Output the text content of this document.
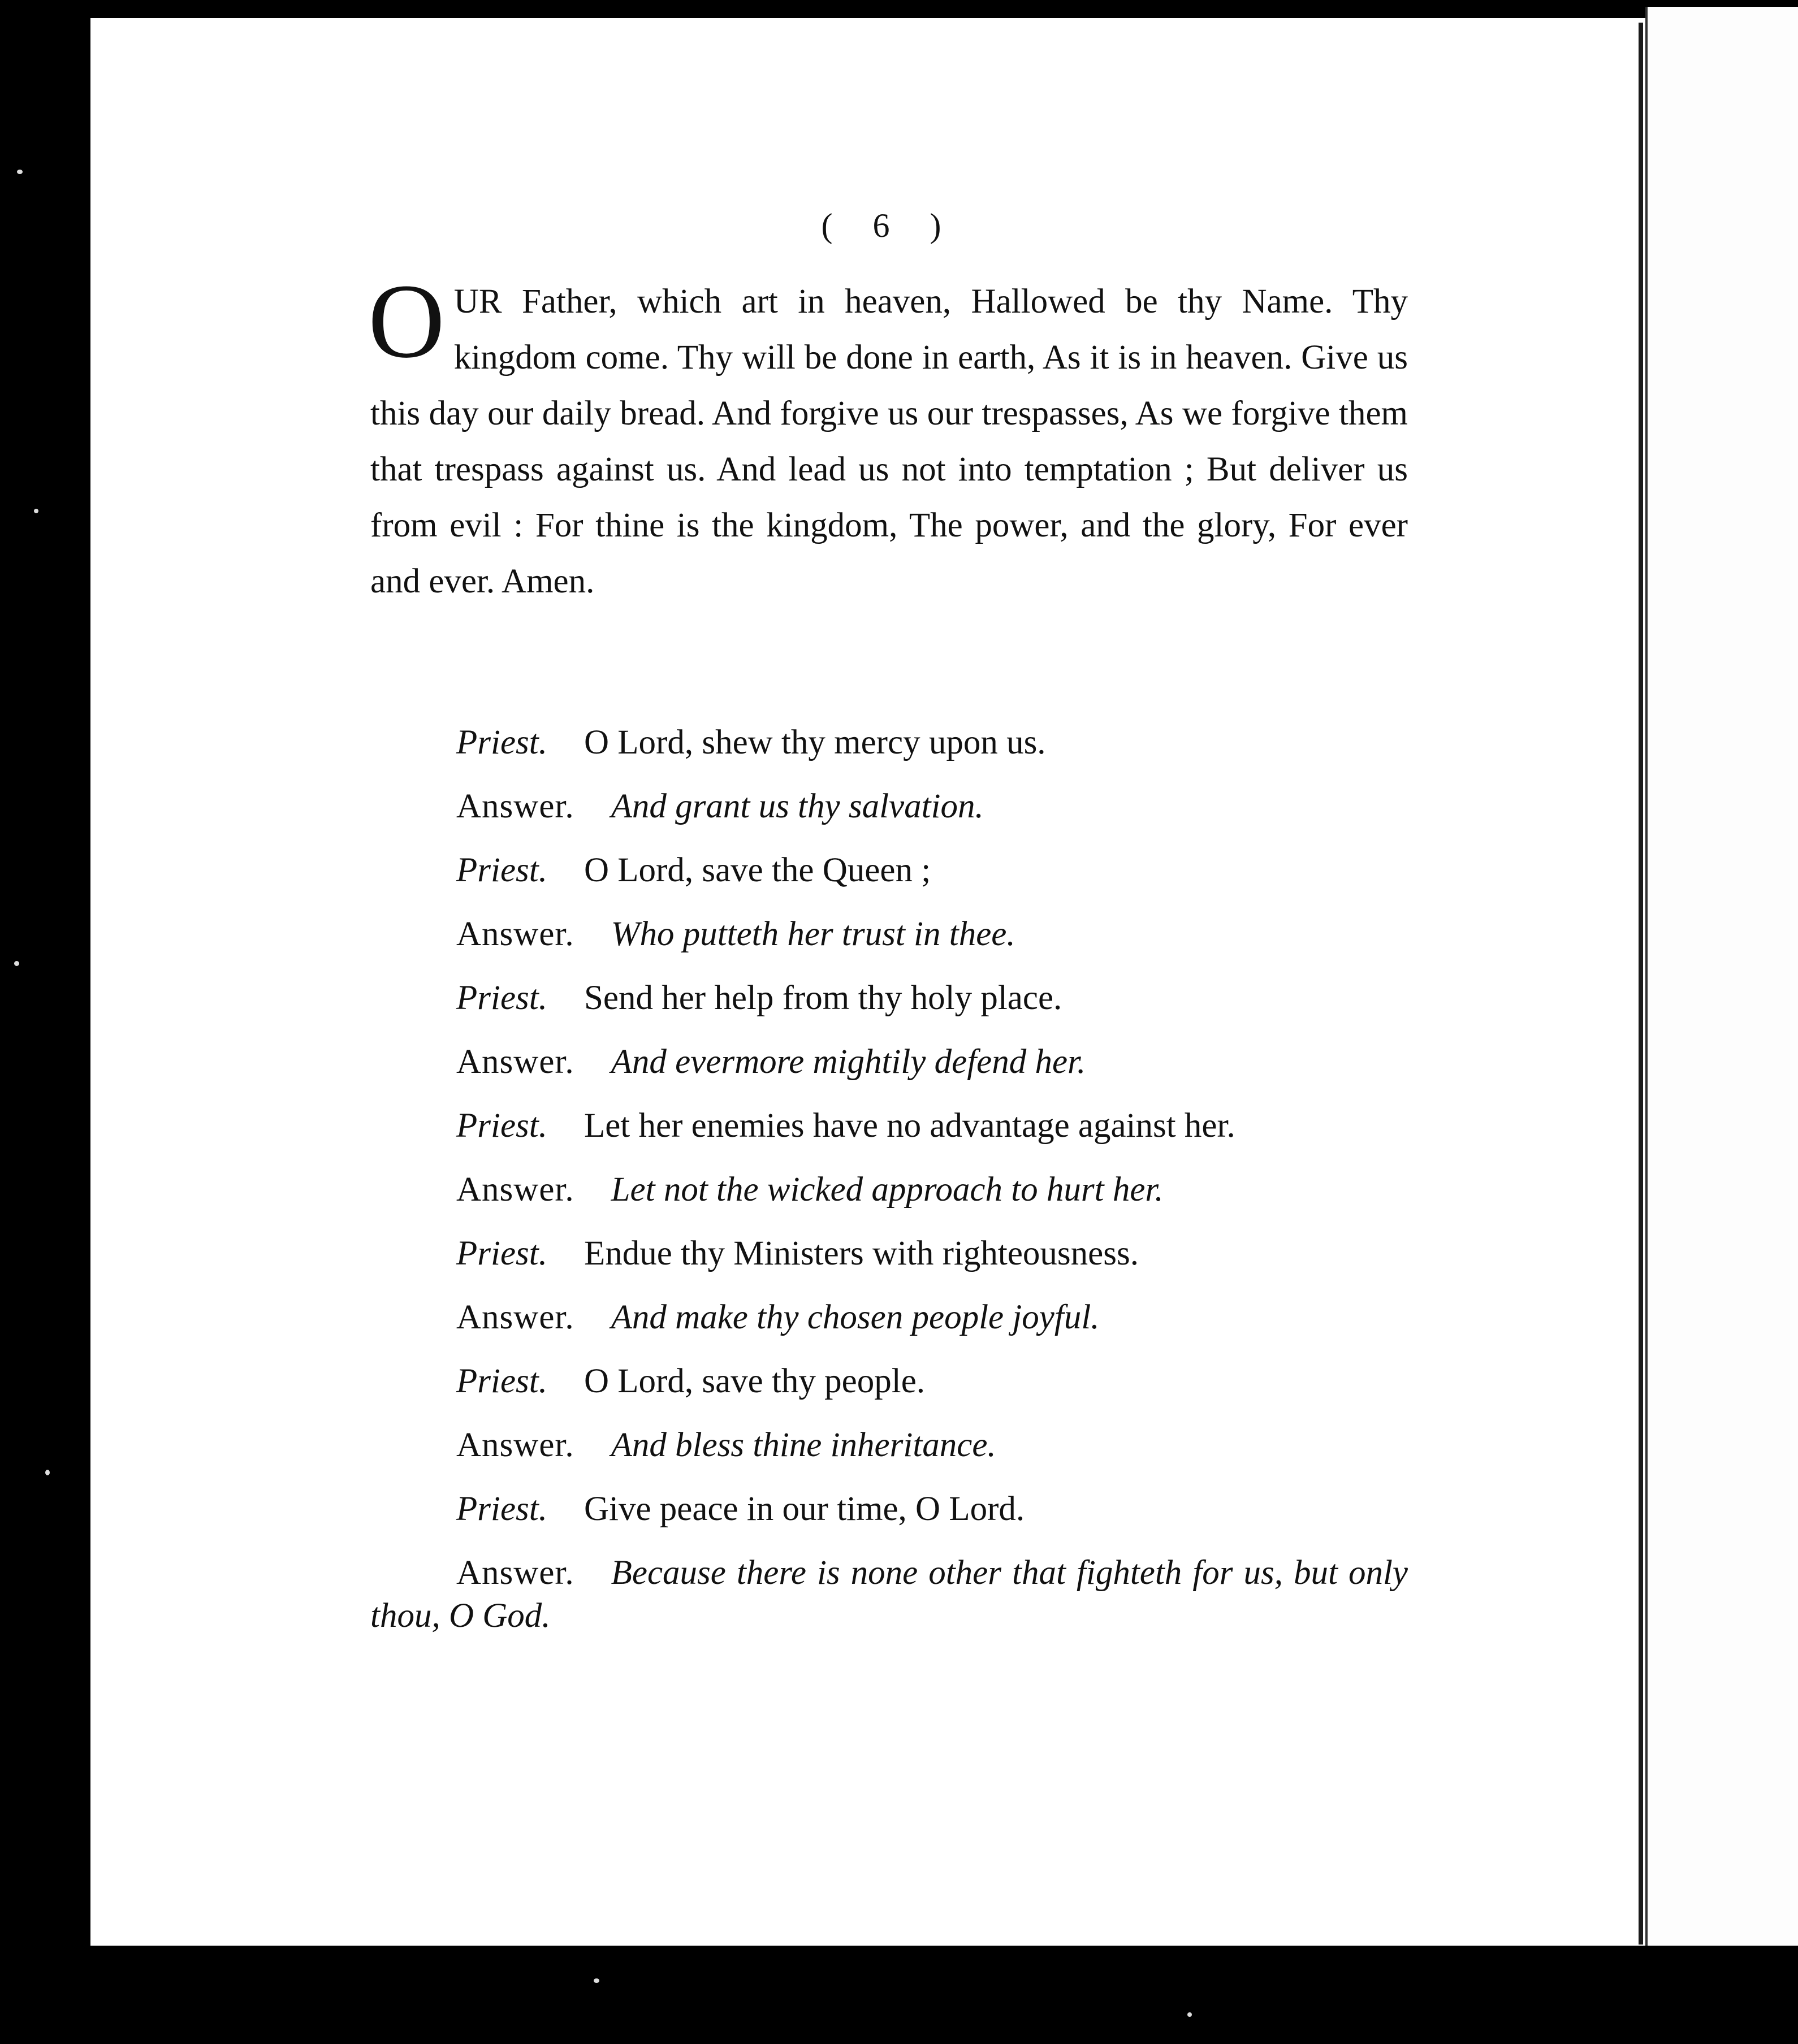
( 6 )

OUR Father, which art in heaven, Hallowed be thy Name. Thy kingdom come. Thy will be done in earth, As it is in heaven. Give us this day our daily bread. And forgive us our trespasses, As we forgive them that trespass against us. And lead us not into temptation ; But deliver us from evil : For thine is the kingdom, The power, and the glory, For ever and ever. Amen.

Priest. O Lord, shew thy mercy upon us.
Answer. And grant us thy salvation.
Priest. O Lord, save the Queen ;
Answer. Who putteth her trust in thee.
Priest. Send her help from thy holy place.
Answer. And evermore mightily defend her.
Priest. Let her enemies have no advantage against her.
Answer. Let not the wicked approach to hurt her.
Priest. Endue thy Ministers with righteousness.
Answer. And make thy chosen people joyful.
Priest. O Lord, save thy people.
Answer. And bless thine inheritance.
Priest. Give peace in our time, O Lord.
Answer. Because there is none other that fighteth for us, but only thou, O God.
